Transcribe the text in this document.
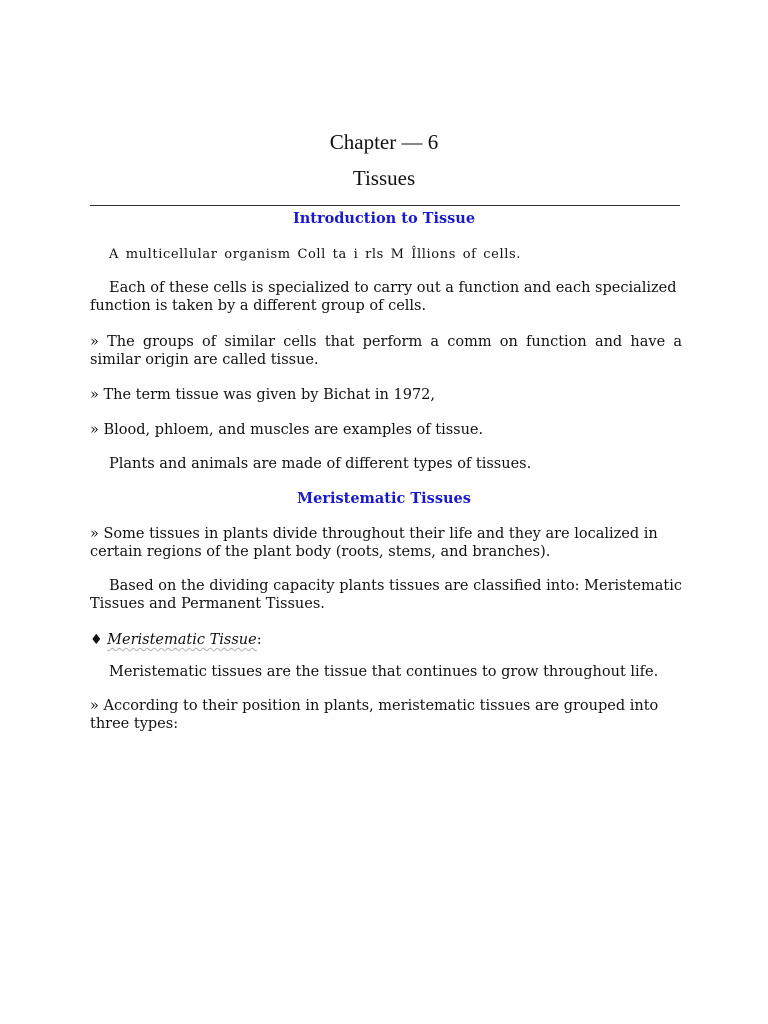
Chapter — 6
Tissues
Introduction to Tissue
A multicellular organism Coll ta i rls M Îllions of cells.
Each of these cells is specialized to carry out a function and each specialized function is taken by a different group of cells.
» The groups of similar cells that perform a comm on function and have a similar origin are called tissue.
» The term tissue was given by Bichat in 1972,
» Blood, phloem, and muscles are examples of tissue.
Plants and animals are made of different types of tissues.
Meristematic Tissues
» Some tissues in plants divide throughout their life and they are localized in certain regions of the plant body (roots, stems, and branches).
Based on the dividing capacity plants tissues are classified into: Meristematic Tissues and Permanent Tissues.
♦ Meristematic Tissue:
Meristematic tissues are the tissue that continues to grow throughout life.
» According to their position in plants, meristematic tissues are grouped into three types:
